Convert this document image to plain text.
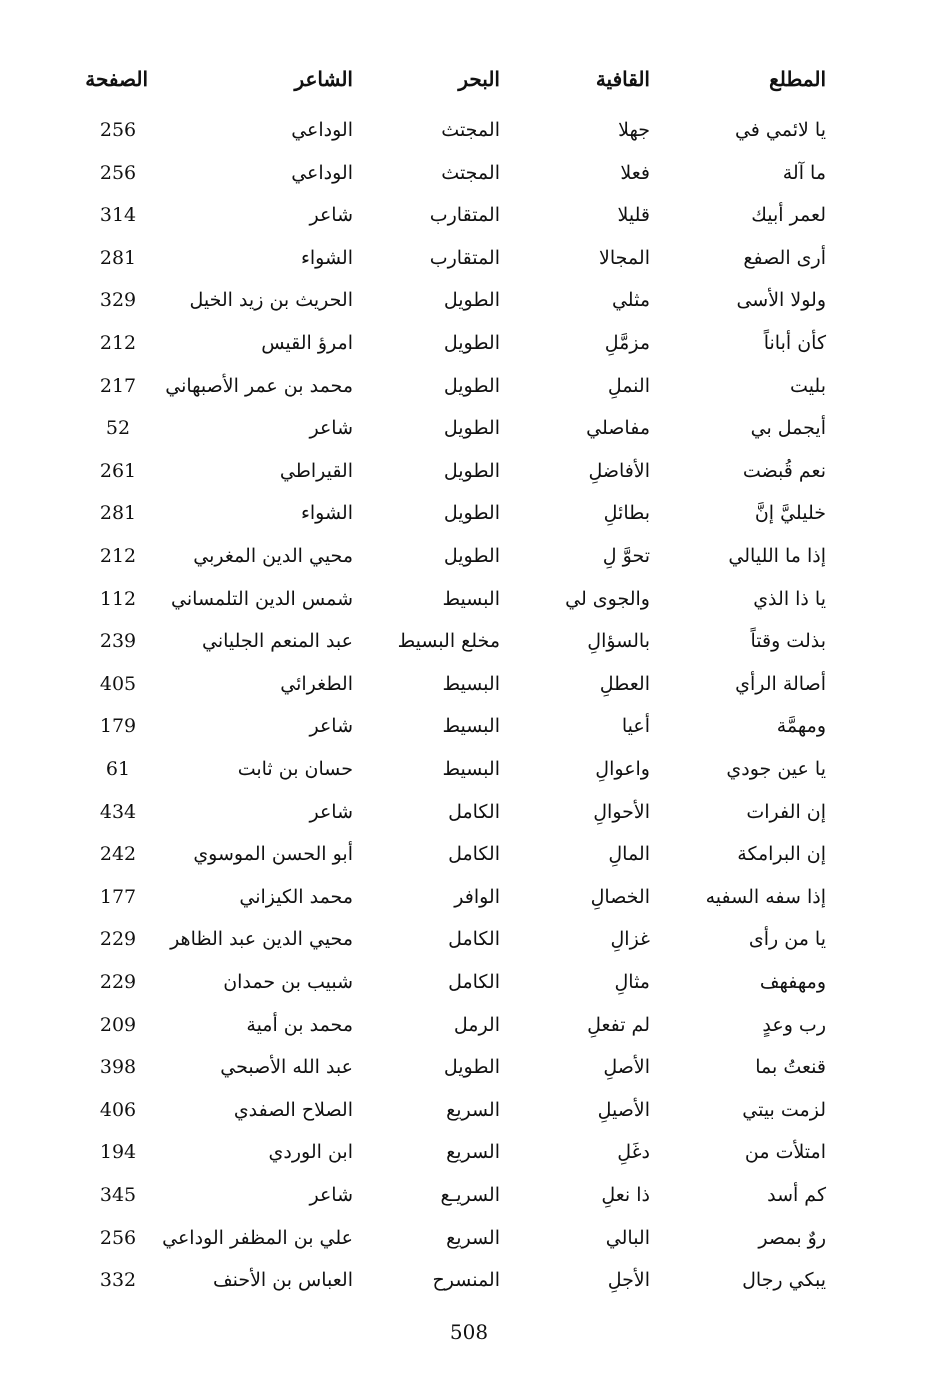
المطلع
القافية
البحر
الشاعر
الصفحة
يا لائمي في
جهلا
المجتث
الوداعي
256
ما آلة
فعلا
المجتث
الوداعي
256
لعمر أبيك
قليلا
المتقارب
شاعر
314
أرى الصفع
المجالا
المتقارب
الشواء
281
ولولا الأسى
مثلي
الطويل
الحريث بن زيد الخيل
329
كأن أباناً
مزمَّلِ
الطويل
امرؤ القيس
212
بليت
النملِ
الطويل
محمد بن عمر الأصبهاني
217
أيجمل بي
مفاصلي
الطويل
شاعر
52
نعم قُبضت
الأفاضلِ
الطويل
القيراطي
261
خليليَّ إنَّ
بطائلِ
الطويل
الشواء
281
إذا ما الليالي
تحوَّ لِ
الطويل
محيي الدين المغربي
212
يا ذا الذي
والجوى لي
البسيط
شمس الدين التلمساني
112
بذلت وقتاً
بالسؤالِ
مخلع البسيط
عبد المنعم الجلياني
239
أصالة الرأي
العطلِ
البسيط
الطغرائي
405
ومهمَّة
أعيا
البسيط
شاعر
179
يا عين جودي
واعوالِ
البسيط
حسان بن ثابت
61
إن الفرات
الأحوالِ
الكامل
شاعر
434
إن البرامكة
المالِ
الكامل
أبو الحسن الموسوي
242
إذا سفه السفيه
الخصالِ
الوافر
محمد الكيزاني
177
يا من رأى
غزالِ
الكامل
محيي الدين عبد الظاهر
229
ومهفهف
مثالِ
الكامل
شبيب بن حمدان
229
رب وعدٍ
لم تفعلِ
الرمل
محمد بن أمية
209
قنعتُ بما
الأصلِ
الطويل
عبد الله الأصبحي
398
لزمت بيتي
الأصيلِ
السريع
الصلاح الصفدي
406
امتلأت من
دغَلِ
السريع
ابن الوردي
194
كم أسد
ذا نعلِ
السريـع
شاعر
345
روٌ بمصر
البالي
السريع
علي بن المظفر الوداعي
256
يبكي رجال
الأجلِ
المنسرح
العباس بن الأحنف
332
508
